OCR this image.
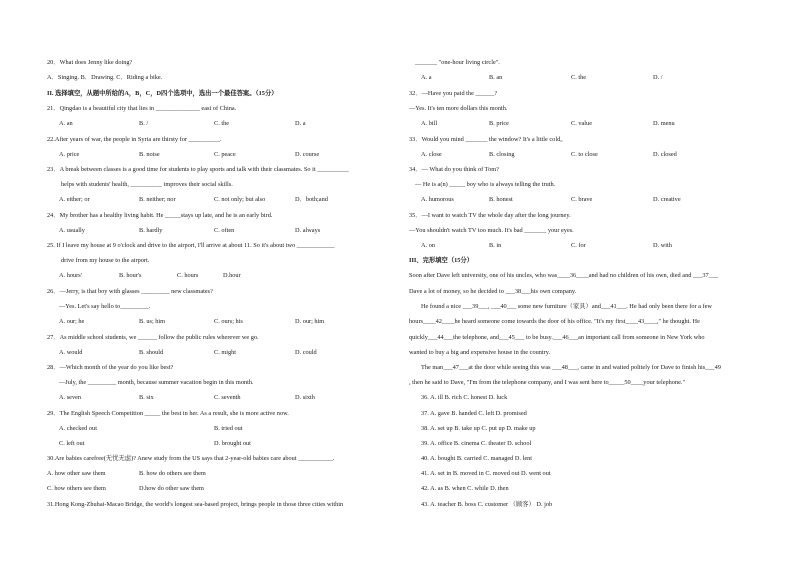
20．What does Jenny like doing?
A．Singing. B．Drawing. C．Riding a bike.
II. 选择填空，从题中所给的A，B，C，D四个选项中，选出一个最佳答案。（15分）
21．Qingdao is a beautiful city that lies in ______________ east of China.
A. an	B. /	C. the	D. a
22.After years of war, the people in Syria are thirsty for __________.
A. price	B. noise	C. peace	D. course
23．A break between classes is a good time for students to play sports and talk with their classmates. So it __________
helps with students' health, __________ improves their social skills.
A. either; or	B. neither; nor	C. not only; but also	D．both;and
24．My brother has a healthy living habit. He _____stays up late, and he is an early bird.
A. usually	B. hardly	C. often	D. always
25. If I leave my house at 9 o'clock and drive to the airport, I'll arrive at about 11. So it's about two ____________
drive from my house to the airport.
A. hours'	B. hour's	C. hours	D.hour
26．—Jerry, is that boy with glasses _________ new classmates?
—Yes. Let's say hello to_________.
A. our; he	B. us; him	C. ours; his	D. our; him
27．As middle school students, we ______ follow the public rules wherever we go.
A. would	B. should	C. might	D. could
28．—Which month of the year do you like best?
—July, the _________ month, because summer vacation begin in this month.
A. seven	B. six	C. seventh	D. sixth
29．The English Speech Competition _____ the best in her. As a result, she is more active now.
A. checked out	B. tried out
C. left out	D. brought out
30.Are babies carefree(无忧无虑)? Anew study from the US says that 2-year-old babies care about ___________.
A. how other saw them	B. how do others see them
C. how others see them	D.how do other saw them
31.Hong Kong-Zhuhai-Macao Bridge, the world's longest sea-based project, brings people in those three cities within
_______ "one-hour living circle".
A. a	B. an	C. the	D. /
32．—Have you paid the ______?
—Yes. It's ten more dollars this month.
A. bill	B. price	C. value	D. menu
33．Would you mind _______ the window? It's a little cold。
A. close	B. closing	C. to close	D. closed
34．— What do you think of Tom?
— He is a(n) _____ boy who is always telling the truth.
A. humorous	B. honest	C. brave	D. creative
35．—I want to watch TV the whole day after the long journey.
—You shouldn't watch TV too much. It's bad _______ your eyes.
A. on	B. in	C. for	D. with
III、完形填空（15分）
Soon after Dave left university, one of his uncles, who was____36____and had no children of his own, died and ___37___
Dave a lot of money, so he decided to ___38___his own company.
He found a nice ___39___, ___40___ some new furniture（家具）and___41___. He had only been there for a few
hours____42____he heard someone come towards the door of his office. "It's my first____43____," he thought. He
quickly___44___the telephone, and___45___ to be busy.___46___an important call from someone in New York who
wanted to buy a big and expensive house in the country.
The man___47___at the door while seeing this was ___48___, came in and waited politely for Dave to finish his___49
, then he said to Dave, "I'm from the telephone company, and I was sent here to_____50____your telephone."
36. A. ill B. rich C. honest D. luck
37. A. gave B. handed C. left D. promised
38. A. set up B. take up C. put up D. make up
39. A. office B. cinema C. theater D. school
40. A. bought B. carried C. managed D. lent
41. A. set in B. moved in C. moved out D. went out
42. A. as B. when C. while D. then
43. A. teacher B. boss C. customer （顾客） D. job
